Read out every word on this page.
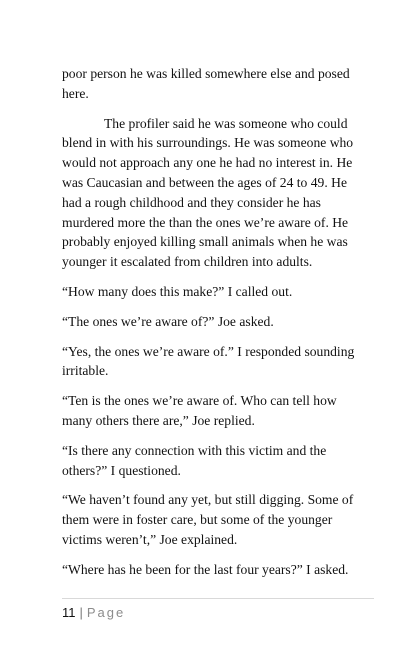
poor person he was killed somewhere else and posed here.

The profiler said he was someone who could blend in with his surroundings. He was someone who would not approach any one he had no interest in. He was Caucasian and between the ages of 24 to 49. He had a rough childhood and they consider he has murdered more the than the ones we’re aware of. He probably enjoyed killing small animals when he was younger it escalated from children into adults.

“How many does this make?” I called out.

“The ones we’re aware of?” Joe asked.

“Yes, the ones we’re aware of.” I responded sounding irritable.

“Ten is the ones we’re aware of. Who can tell how many others there are,” Joe replied.

“Is there any connection with this victim and the others?” I questioned.

“We haven’t found any yet, but still digging. Some of them were in foster care, but some of the younger victims weren’t,” Joe explained.

“Where has he been for the last four years?” I asked.

11 | Page
